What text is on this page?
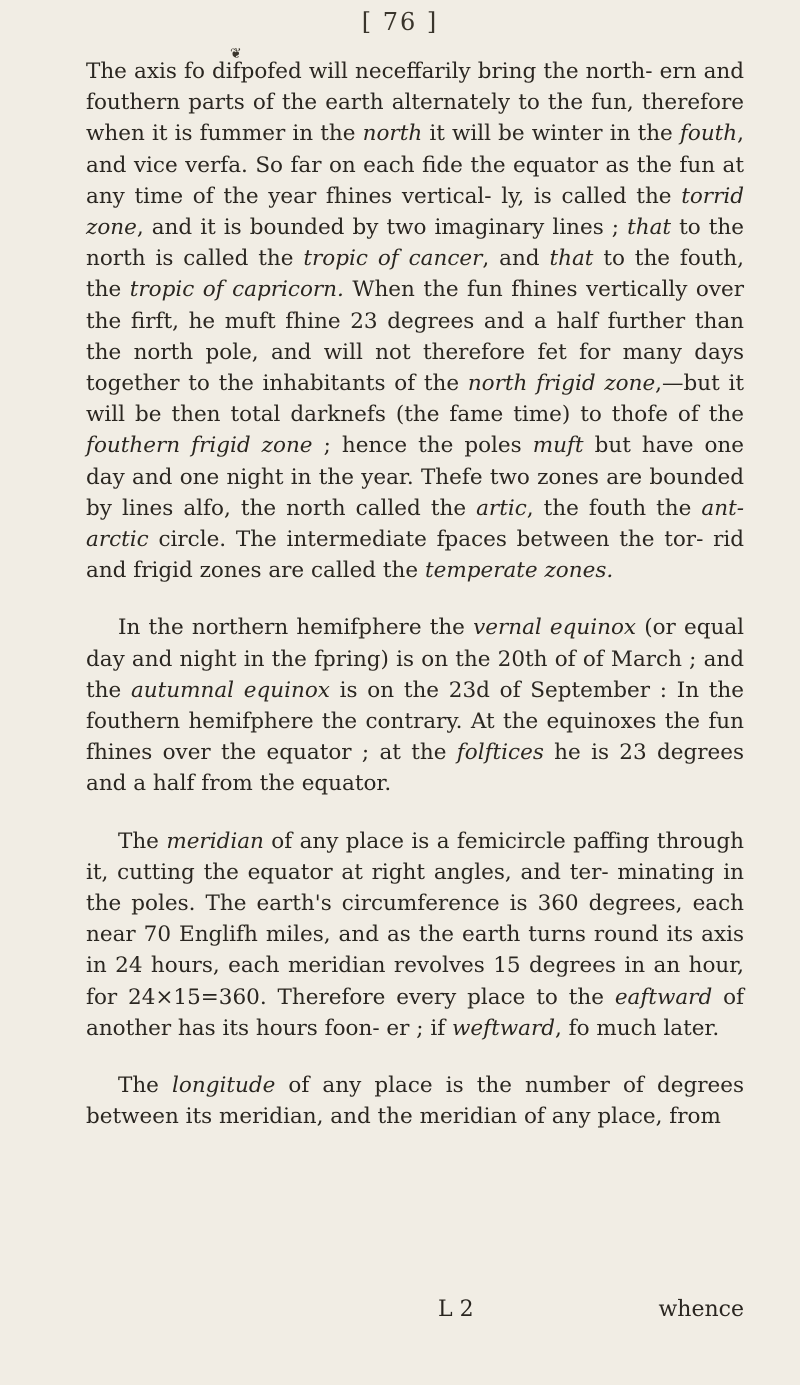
[ 76 ]
❦

The axis fo difpofed will neceffarily bring the north- ern and fouthern parts of the earth alternately to the fun, therefore when it is fummer in the north it will be winter in the fouth, and vice verfa. So far on each fide the equator as the fun at any time of the year fhines vertical- ly, is called the torrid zone, and it is bounded by two imaginary lines ; that to the north is called the tropic of cancer, and that to the fouth, the tropic of capricorn. When the fun fhines vertically over the firft, he muft fhine 23 degrees and a half further than the north pole, and will not therefore fet for many days together to the inhabitants of the north frigid zone,—but it will be then total darknefs (the fame time) to thofe of the fouthern frigid zone ; hence the poles muft but have one day and one night in the year. Thefe two zones are bounded by lines alfo, the north called the artic, the fouth the ant- arctic circle. The intermediate fpaces between the tor- rid and frigid zones are called the temperate zones.

In the northern hemifphere the vernal equinox (or equal day and night in the fpring) is on the 20th of of March ; and the autumnal equinox is on the 23d of September : In the fouthern hemifphere the contrary. At the equinoxes the fun fhines over the equator ; at the folftices he is 23 degrees and a half from the equator.

The meridian of any place is a femicircle paffing through it, cutting the equator at right angles, and ter- minating in the poles. The earth's circumference is 360 degrees, each near 70 Englifh miles, and as the earth turns round its axis in 24 hours, each meridian revolves 15 degrees in an hour, for 24×15=360. Therefore every place to the eaftward of another has its hours foon- er ; if weftward, fo much later.

The longitude of any place is the number of degrees between its meridian, and the meridian of any place, from

L 2	whence
